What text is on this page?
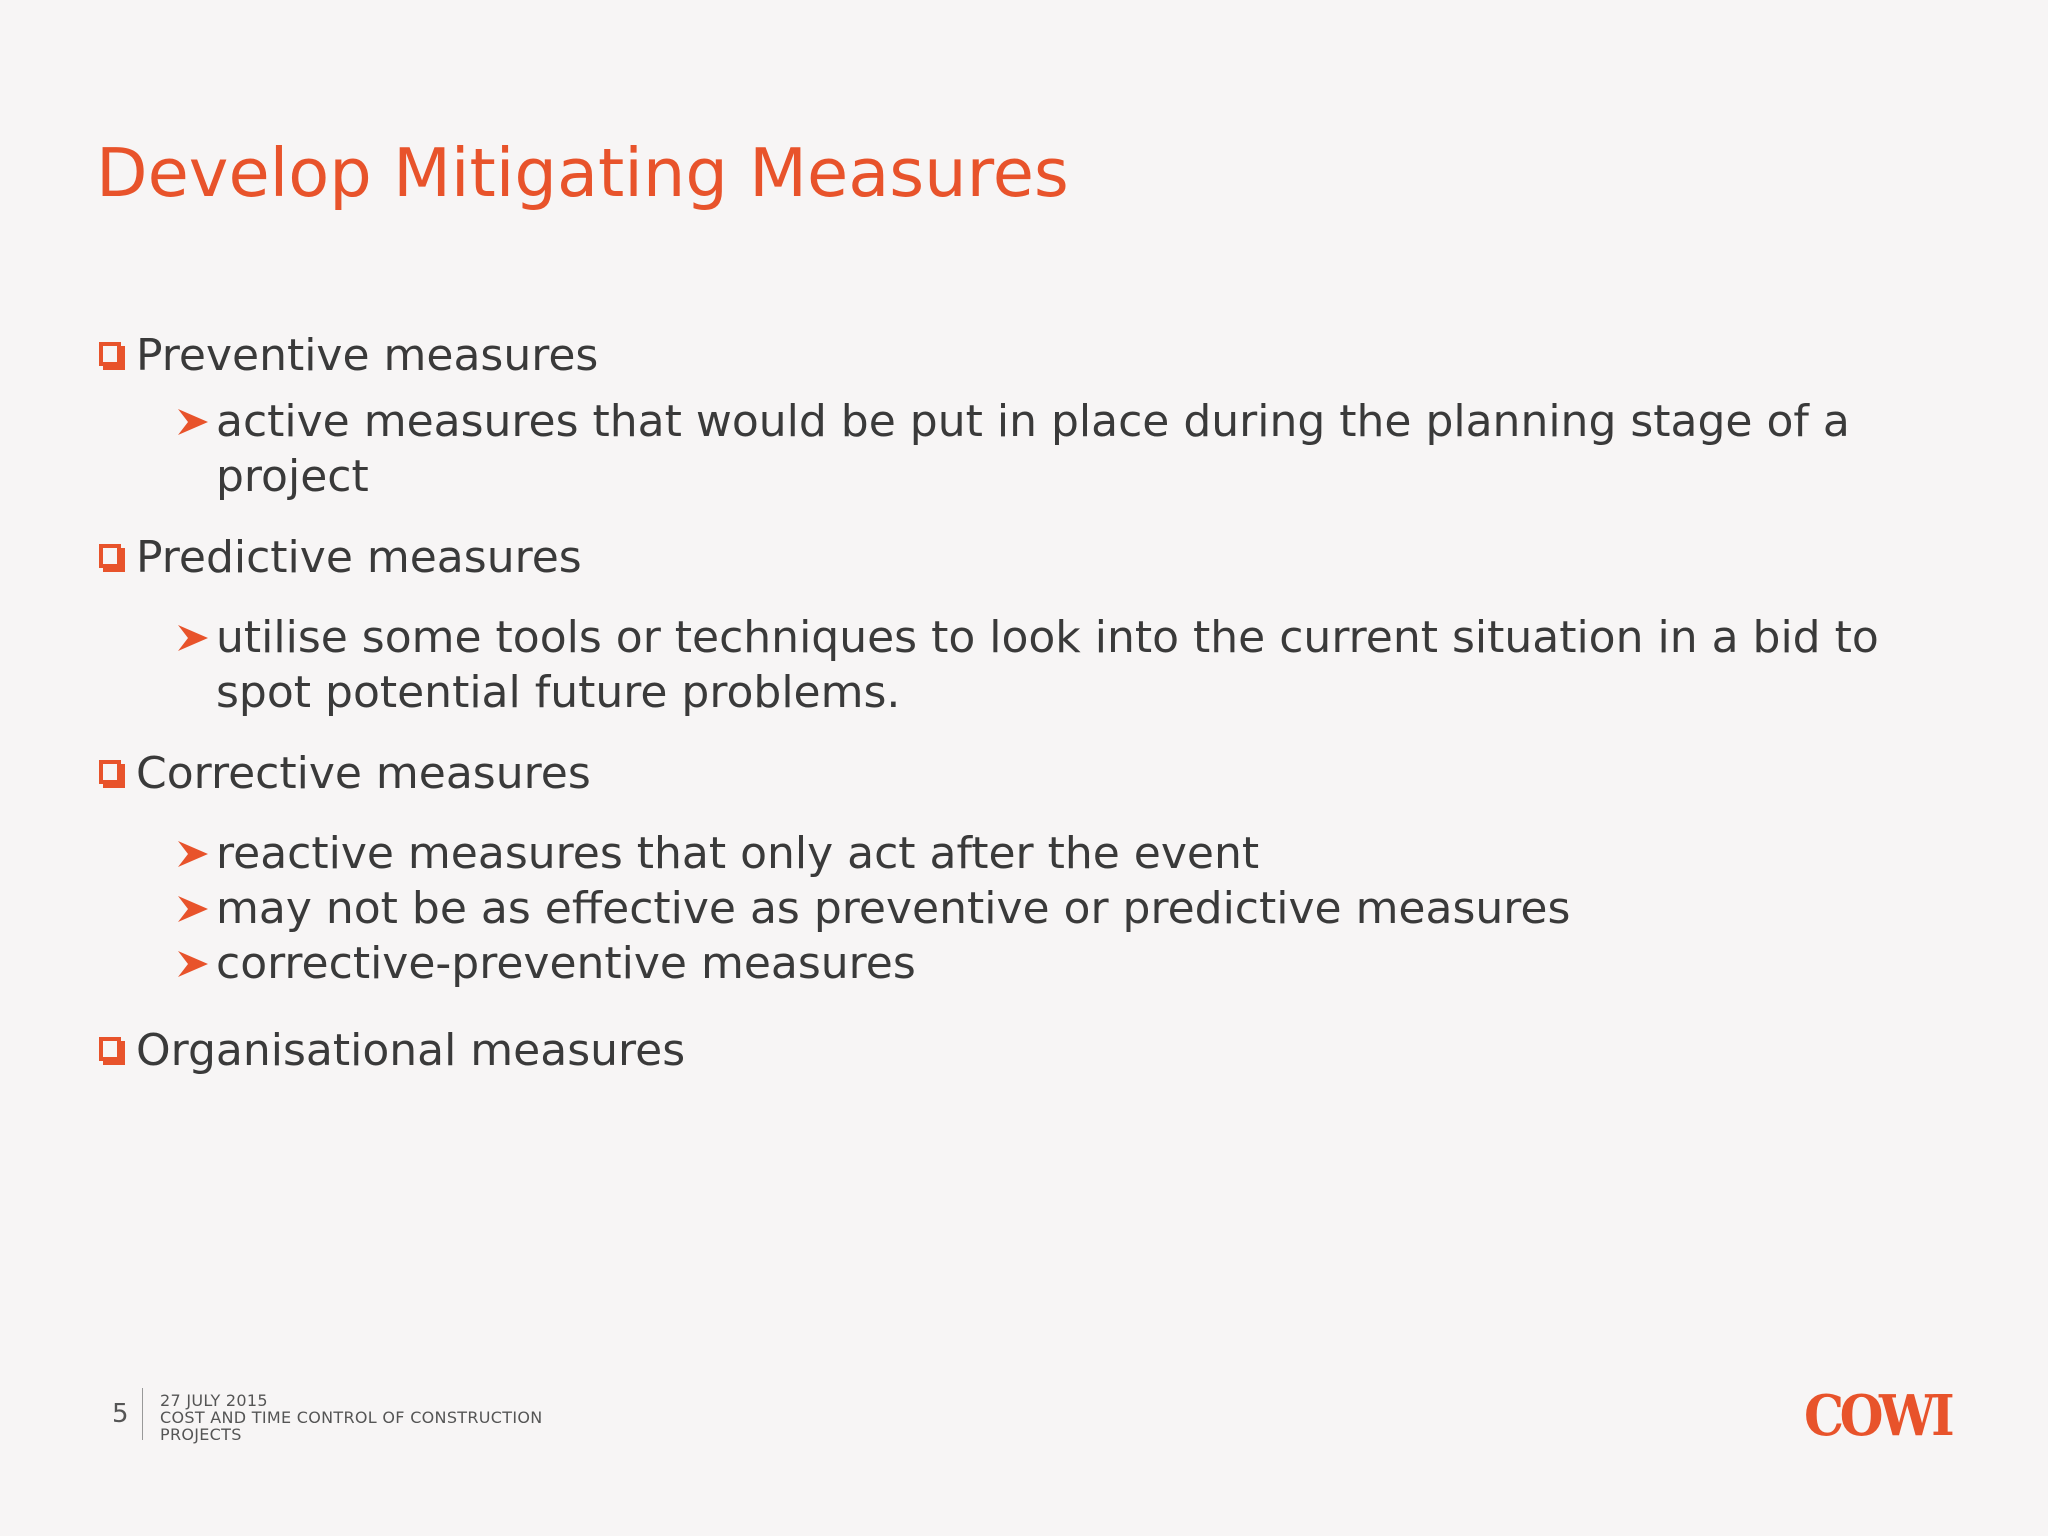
Develop Mitigating Measures
Preventive measures
active measures that would be put in place during the planning stage of a
project
Predictive measures
utilise some tools or techniques to look into the current situation in a bid to
spot potential future problems.
Corrective measures
reactive measures that only act after the event
may not be as effective as preventive or predictive measures
corrective-preventive measures
Organisational measures
5 27 JULY 2015
COST AND TIME CONTROL OF CONSTRUCTION
PROJECTS	COWI
